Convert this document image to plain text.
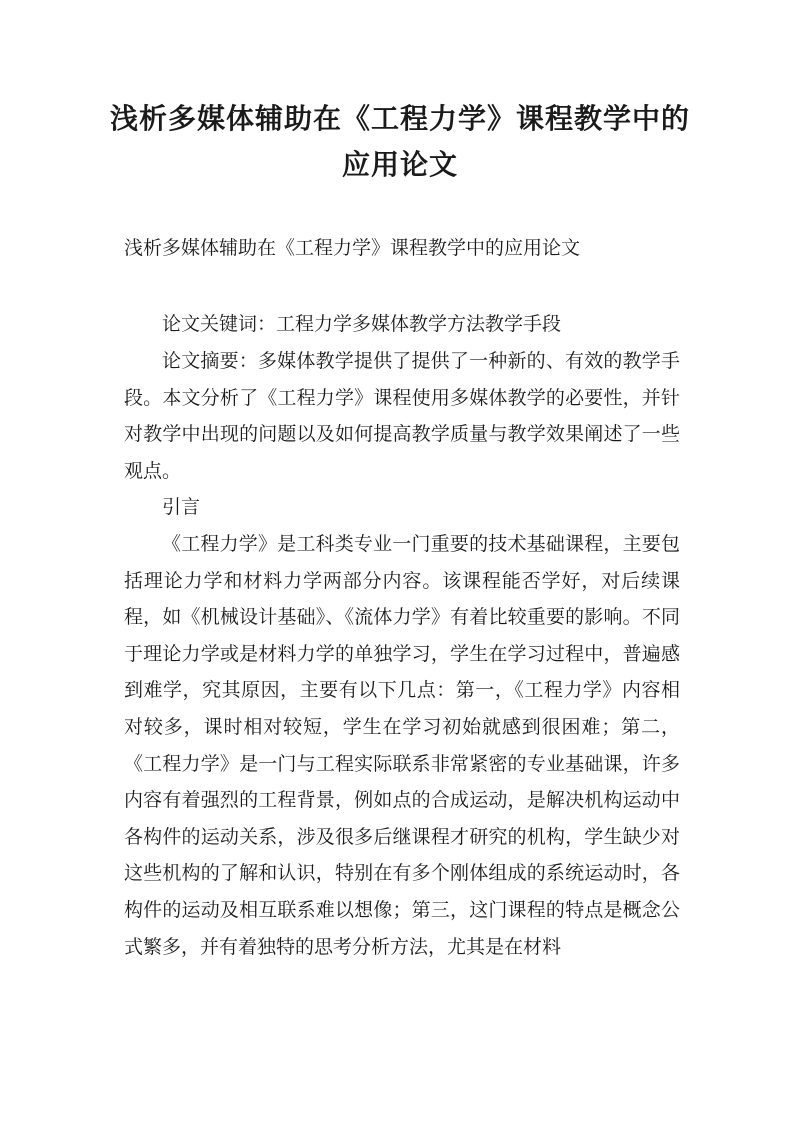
浅析多媒体辅助在《工程力学》课程教学中的应用论文

浅析多媒体辅助在《工程力学》课程教学中的应用论文

论文关键词：工程力学多媒体教学方法教学手段

论文摘要：多媒体教学提供了提供了一种新的、有效的教学手段。本文分析了《工程力学》课程使用多媒体教学的必要性，并针对教学中出现的问题以及如何提高教学质量与教学效果阐述了一些观点。

引言

《工程力学》是工科类专业一门重要的技术基础课程，主要包括理论力学和材料力学两部分内容。该课程能否学好，对后续课程，如《机械设计基础》、《流体力学》有着比较重要的影响。不同于理论力学或是材料力学的单独学习，学生在学习过程中，普遍感到难学，究其原因，主要有以下几点：第一，《工程力学》内容相对较多，课时相对较短，学生在学习初始就感到很困难；第二，《工程力学》是一门与工程实际联系非常紧密的专业基础课，许多内容有着强烈的工程背景，例如点的合成运动，是解决机构运动中各构件的运动关系，涉及很多后继课程才研究的机构，学生缺少对这些机构的了解和认识，特别在有多个刚体组成的系统运动时，各构件的运动及相互联系难以想像；第三，这门课程的特点是概念公式繁多，并有着独特的思考分析方法，尤其是在材料
